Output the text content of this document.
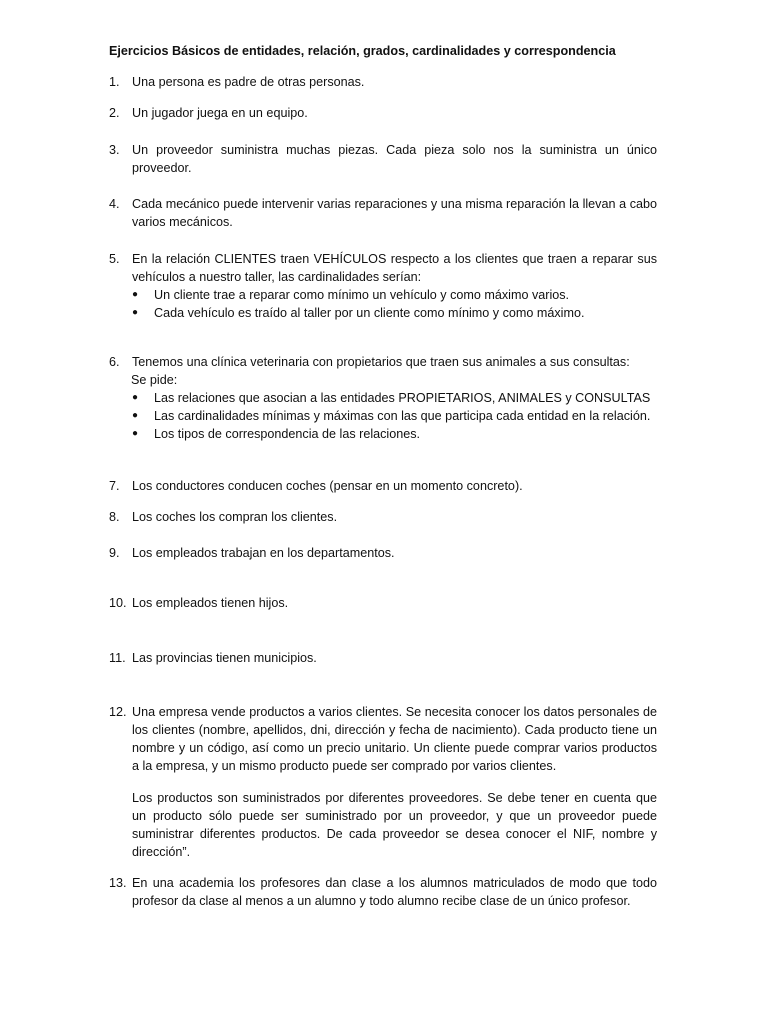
Ejercicios Básicos de entidades, relación, grados, cardinalidades y correspondencia
1. Una persona es padre de otras personas.
2. Un jugador juega en un equipo.
3. Un proveedor suministra muchas piezas. Cada pieza solo nos la suministra un único proveedor.
4. Cada mecánico puede intervenir varias reparaciones y una misma reparación la llevan a cabo varios mecánicos.
5. En la relación CLIENTES traen VEHÍCULOS respecto a los clientes que traen a reparar sus vehículos a nuestro taller, las cardinalidades serían:
● Un cliente trae a reparar como mínimo un vehículo y como máximo varios.
● Cada vehículo es traído al taller por un cliente como mínimo y como máximo.
6. Tenemos una clínica veterinaria con propietarios que traen sus animales a sus consultas:
Se pide:
● Las relaciones que asocian a las entidades PROPIETARIOS, ANIMALES y CONSULTAS
● Las cardinalidades mínimas y máximas con las que participa cada entidad en la relación.
● Los tipos de correspondencia de las relaciones.
7. Los conductores conducen coches (pensar en un momento concreto).
8. Los coches los compran los clientes.
9. Los empleados trabajan en los departamentos.
10. Los empleados tienen hijos.
11. Las provincias tienen municipios.
12. Una empresa vende productos a varios clientes. Se necesita conocer los datos personales de los clientes (nombre, apellidos, dni, dirección y fecha de nacimiento). Cada producto tiene un nombre y un código, así como un precio unitario. Un cliente puede comprar varios productos a la empresa, y un mismo producto puede ser comprado por varios clientes.
Los productos son suministrados por diferentes proveedores. Se debe tener en cuenta que un producto sólo puede ser suministrado por un proveedor, y que un proveedor puede suministrar diferentes productos. De cada proveedor se desea conocer el NIF, nombre y dirección”.
13. En una academia los profesores dan clase a los alumnos matriculados de modo que todo profesor da clase al menos a un alumno y todo alumno recibe clase de un único profesor.
